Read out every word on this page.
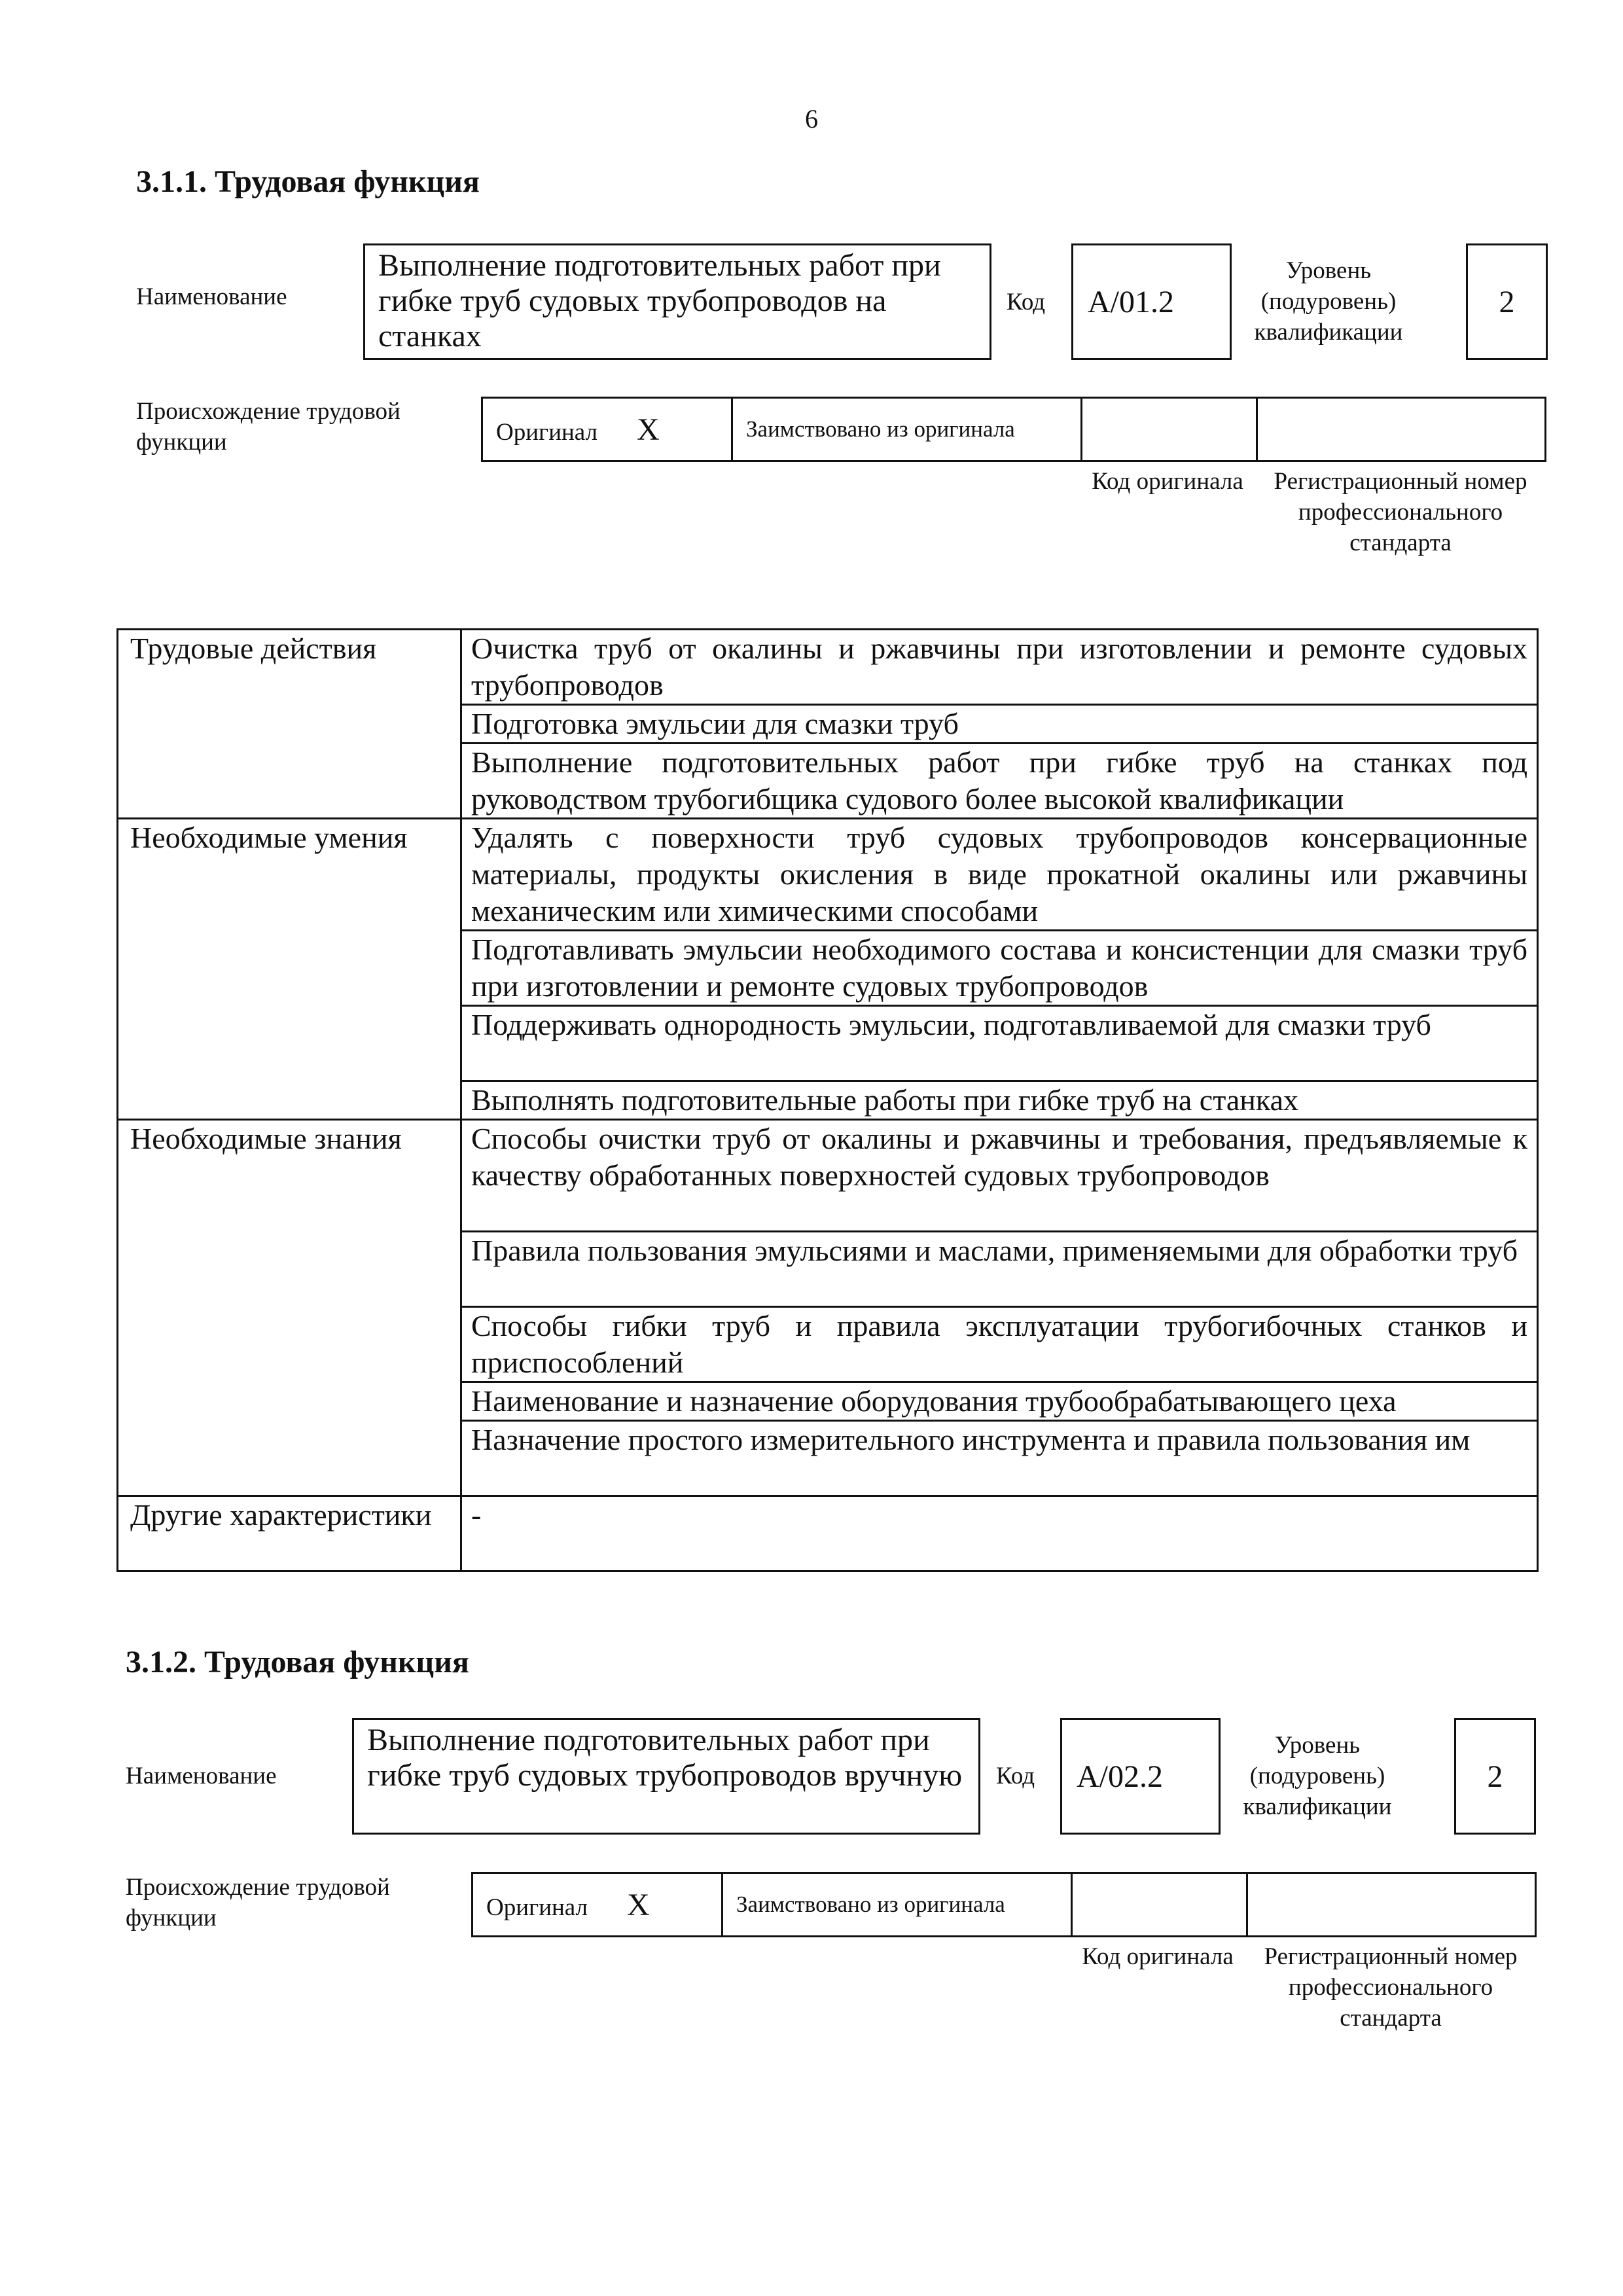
6
3.1.1. Трудовая функция
Наименование
Выполнение подготовительных работ при гибке труб судовых трубопроводов на станках
Код А/01.2
Уровень (подуровень) квалификации
2
Происхождение трудовой функции	Оригинал X	Заимствовано из оригинала		
Код оригинала	Регистрационный номер профессионального стандарта
Трудовые действия	Очистка труб от окалины и ржавчины при изготовлении и ремонте судовых трубопроводов
	Подготовка эмульсии для смазки труб
	Выполнение подготовительных работ при гибке труб на станках под руководством трубогибщика судового более высокой квалификации
Необходимые умения	Удалять с поверхности труб судовых трубопроводов консервационные материалы, продукты окисления в виде прокатной окалины или ржавчины механическим или химическими способами
	Подготавливать эмульсии необходимого состава и консистенции для смазки труб при изготовлении и ремонте судовых трубопроводов
	Поддерживать однородность эмульсии, подготавливаемой для смазки труб
	Выполнять подготовительные работы при гибке труб на станках
Необходимые знания	Способы очистки труб от окалины и ржавчины и требования, предъявляемые к качеству обработанных поверхностей судовых трубопроводов
	Правила пользования эмульсиями и маслами, применяемыми для обработки труб
	Способы гибки труб и правила эксплуатации трубогибочных станков и приспособлений
	Наименование и назначение оборудования трубообрабатывающего цеха
	Назначение простого измерительного инструмента и правила пользования им
Другие характеристики	-
3.1.2. Трудовая функция
Наименование
Выполнение подготовительных работ при гибке труб судовых трубопроводов вручную	Код А/02.2
Уровень (подуровень) квалификации
2
Происхождение трудовой функции	Оригинал X	Заимствовано из оригинала		
Код оригинала	Регистрационный номер профессионального стандарта
